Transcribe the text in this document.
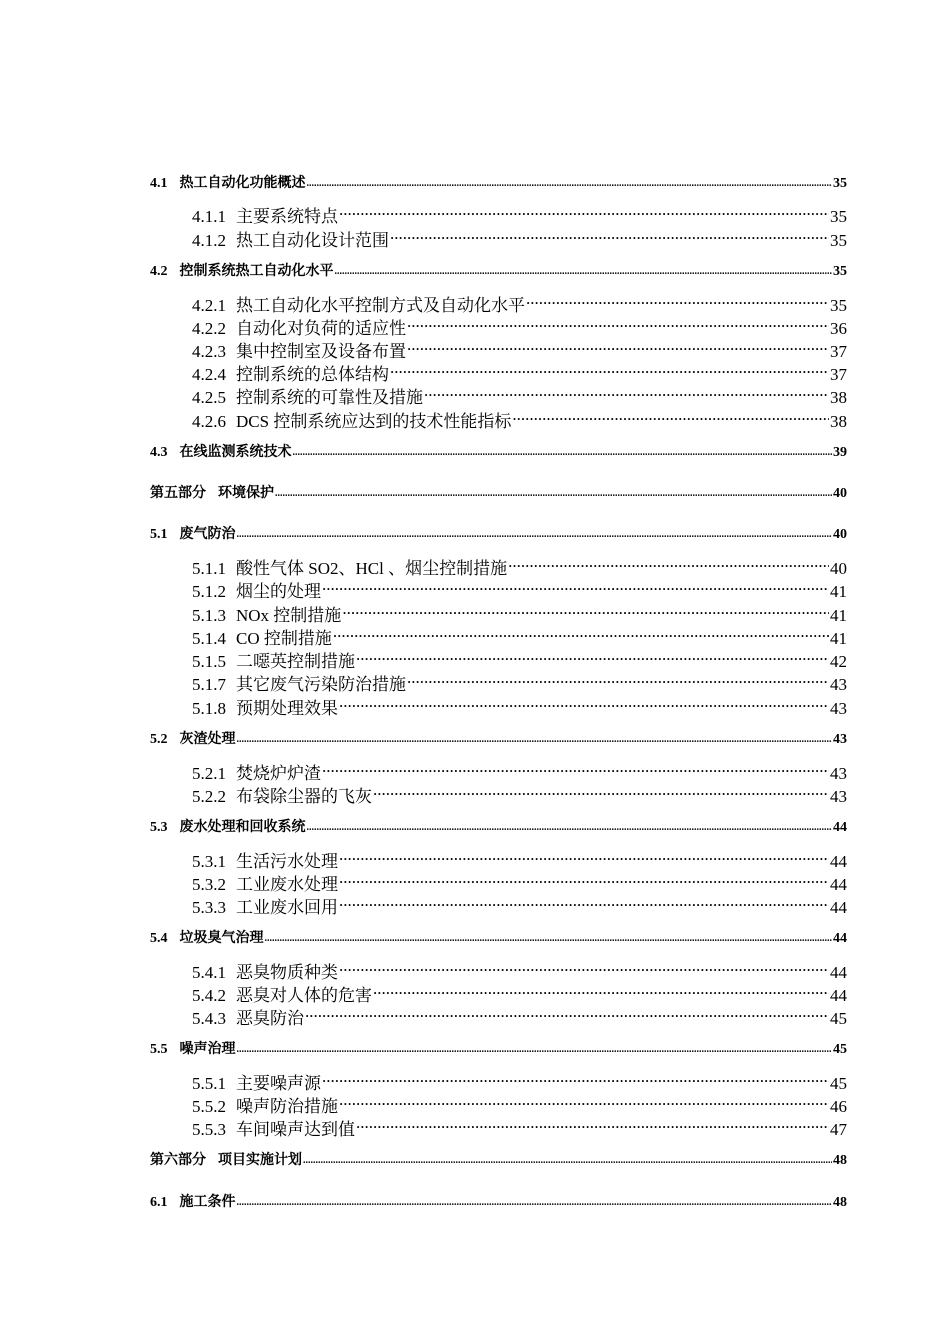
4.1 热工自动化功能概述 .....	35
4.1.1 主要系统特点 .....	35
4.1.2 热工自动化设计范围 .....	35
4.2 控制系统热工自动化水平 .....	35
4.2.1 热工自动化水平控制方式及自动化水平 .....	35
4.2.2 自动化对负荷的适应性 .....	36
4.2.3 集中控制室及设备布置 .....	37
4.2.4 控制系统的总体结构 .....	37
4.2.5 控制系统的可靠性及措施 .....	38
4.2.6 DCS 控制系统应达到的技术性能指标 .....	38
4.3 在线监测系统技术 .....	39
第五部分 环境保护 .....	40
5.1 废气防治 .....	40
5.1.1 酸性气体 SO2、HCl 、烟尘控制措施 .....	40
5.1.2 烟尘的处理 .....	41
5.1.3 NOx 控制措施 .....	41
5.1.4 CO 控制措施 .....	41
5.1.5 二噁英控制措施 .....	42
5.1.7 其它废气污染防治措施 .....	43
5.1.8 预期处理效果 .....	43
5.2 灰渣处理 .....	43
5.2.1 焚烧炉炉渣 .....	43
5.2.2 布袋除尘器的飞灰 .....	43
5.3 废水处理和回收系统 .....	44
5.3.1 生活污水处理 .....	44
5.3.2 工业废水处理 .....	44
5.3.3 工业废水回用 .....	44
5.4 垃圾臭气治理 .....	44
5.4.1 恶臭物质种类 .....	44
5.4.2 恶臭对人体的危害 .....	44
5.4.3 恶臭防治 .....	45
5.5 噪声治理 .....	45
5.5.1 主要噪声源 .....	45
5.5.2 噪声防治措施 .....	46
5.5.3 车间噪声达到值 .....	47
第六部分 项目实施计划 .....	48
6.1 施工条件 .....	48
